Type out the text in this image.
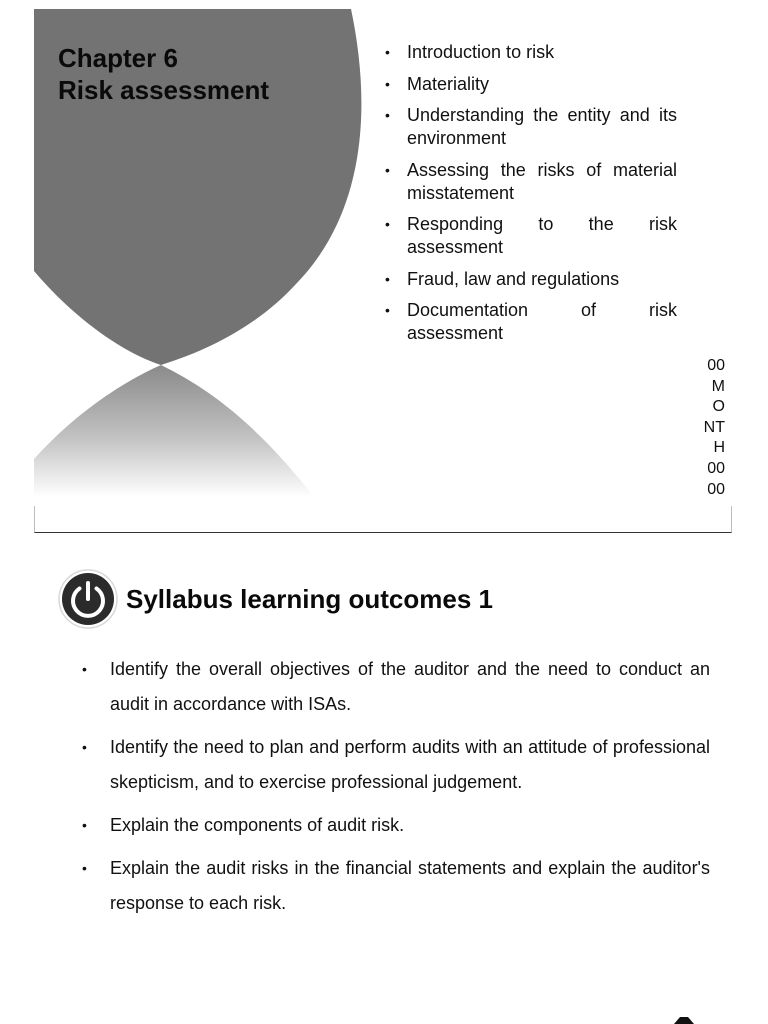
Chapter 6
Risk assessment
• Introduction to risk
• Materiality
• Understanding the entity and its environment
• Assessing the risks of material misstatement
• Responding to the risk assessment
• Fraud, law and regulations
• Documentation of risk assessment
00
M
O
NT
H
00
00
Syllabus learning outcomes 1
• Identify the overall objectives of the auditor and the need to conduct an audit in accordance with ISAs.
• Identify the need to plan and perform audits with an attitude of professional skepticism, and to exercise professional judgement.
• Explain the components of audit risk.
• Explain the audit risks in the financial statements and explain the auditor's response to each risk.
